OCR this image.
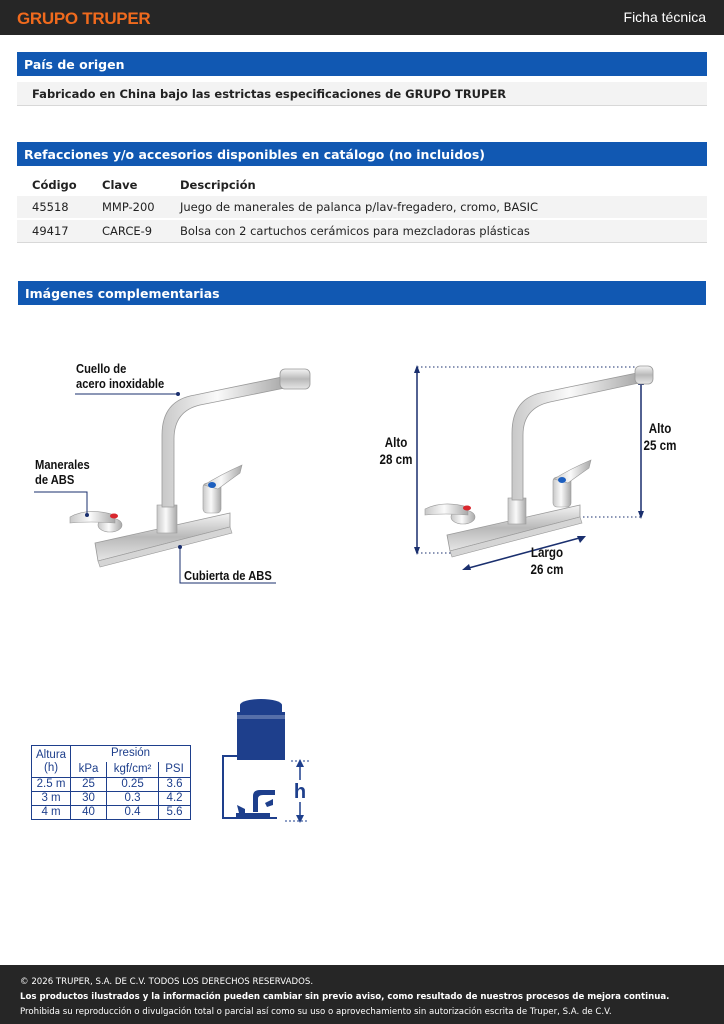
GRUPO TRUPER	Ficha técnica
País de origen
Fabricado en China bajo las estrictas especificaciones de GRUPO TRUPER
Refacciones y/o accesorios disponibles en catálogo (no incluidos)
Código	Clave	Descripción
45518	MMP-200	Juego de manerales de palanca p/lav-fregadero, cromo, BASIC
49417	CARCE-9	Bolsa con 2 cartuchos cerámicos para mezcladoras plásticas
Imágenes complementarias
Cuello de
acero inoxidable
Manerales
de ABS
Cubierta de ABS
Alto
28 cm
Alto
25 cm
Largo
26 cm
Altura
(h)	Presión		
	kPa	kgf/cm²	PSI
2.5 m	25	0.25	3.6
3 m	30	0.3	4.2
4 m	40	0.4	5.6
h
© 2026 TRUPER, S.A. DE C.V. TODOS LOS DERECHOS RESERVADOS.
Los productos ilustrados y la información pueden cambiar sin previo aviso, como resultado de nuestros procesos de mejora continua.
Prohibida su reproducción o divulgación total o parcial así como su uso o aprovechamiento sin autorización escrita de Truper, S.A. de C.V.
